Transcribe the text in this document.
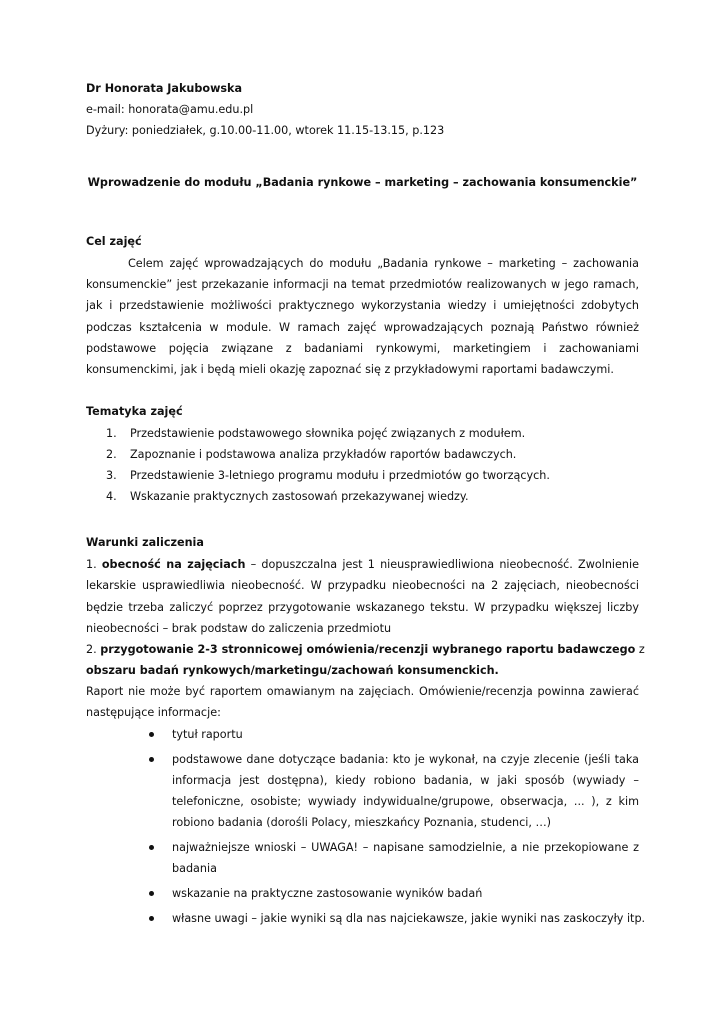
Dr Honorata Jakubowska
e-mail: honorata@amu.edu.pl
Dyżury: poniedziałek, g.10.00-11.00, wtorek 11.15-13.15, p.123
Wprowadzenie do modułu „Badania rynkowe – marketing – zachowania konsumenckie”
Cel zajęć
Celem zajęć wprowadzających do modułu „Badania rynkowe – marketing – zachowania
konsumenckie” jest przekazanie informacji na temat przedmiotów realizowanych w jego ramach,
jak i przedstawienie możliwości praktycznego wykorzystania wiedzy i umiejętności zdobytych
podczas kształcenia w module. W ramach zajęć wprowadzających poznają Państwo również
podstawowe pojęcia związane z badaniami rynkowymi, marketingiem i zachowaniami
konsumenckimi, jak i będą mieli okazję zapoznać się z przykładowymi raportami badawczymi.
Tematyka zajęć
1. Przedstawienie podstawowego słownika pojęć związanych z modułem.
2. Zapoznanie i podstawowa analiza przykładów raportów badawczych.
3. Przedstawienie 3-letniego programu modułu i przedmiotów go tworzących.
4. Wskazanie praktycznych zastosowań przekazywanej wiedzy.
Warunki zaliczenia
1. obecność na zajęciach – dopuszczalna jest 1 nieusprawiedliwiona nieobecność. Zwolnienie
lekarskie usprawiedliwia nieobecność. W przypadku nieobecności na 2 zajęciach, nieobecności
będzie trzeba zaliczyć poprzez przygotowanie wskazanego tekstu. W przypadku większej liczby
nieobecności – brak podstaw do zaliczenia przedmiotu
2. przygotowanie 2-3 stronnicowej omówienia/recenzji wybranego raportu badawczego z
obszaru badań rynkowych/marketingu/zachowań konsumenckich.
Raport nie może być raportem omawianym na zajęciach. Omówienie/recenzja powinna zawierać
następujące informacje:
tytuł raportu
podstawowe dane dotyczące badania: kto je wykonał, na czyje zlecenie (jeśli taka
informacja jest dostępna), kiedy robiono badania, w jaki sposób (wywiady –
telefoniczne, osobiste; wywiady indywidualne/grupowe, obserwacja, ... ), z kim
robiono badania (dorośli Polacy, mieszkańcy Poznania, studenci, …)
najważniejsze wnioski – UWAGA! – napisane samodzielnie, a nie przekopiowane z
badania
wskazanie na praktyczne zastosowanie wyników badań
własne uwagi – jakie wyniki są dla nas najciekawsze, jakie wyniki nas zaskoczyły itp.
